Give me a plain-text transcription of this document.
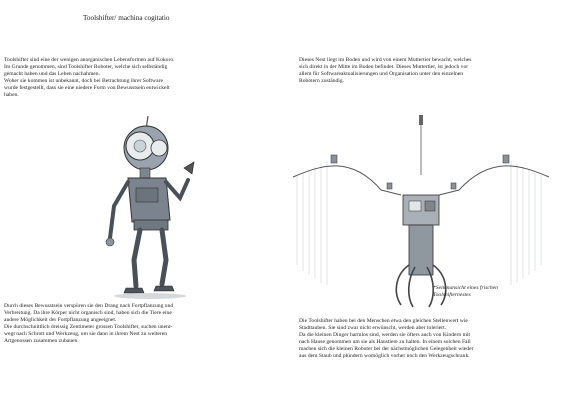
Toolshifter/ machina cogitatio
Toolshifter sind eine der wenigen anorganischen Lebensformen auf Kokoro.
Im Grunde genommen, sind Toolshifter Roboter, welche sich selbständig
gemacht haben und das Leben nachahmen.
Woher sie kommen ist unbekannt, doch bei Betrachtung ihrer Software
wurde festgestellt, dass sie eine niedere Form von Bewusstsein entwickelt
haben.
Durch dieses Bewusstsein verspüren sie den Drang nach Fortpflanzung und
Verbreitung. Da ihre Körper nicht organisch sind, haben sich die Tiere eine
andere Möglichkeit der Fortpflanzung angeeignet.
Die durchschnittlich dreissig Zentimeter grossen Toolshifter, suchen unent-
wegt nach Schrott und Werkzeug, um sie dann in ihrem Nest zu weiteren
Artgenossen zusammen zubauen.
Dieses Nest liegt im Boden und wird von einem Muttertier bewacht, welches
sich direkt in der Mitte im Boden befindet. Dieses Muttertier, ist jedoch vor
allem für Softwareaktualisierungen und Organisation unter den einzelnen
Robotern zuständig.
*Seitenansicht eines frischen
Toolshifternestes
Die Toolshifter haben bei den Menschen etwa den gleichen Stellenwert wie
Stadttauben. Sie sind zwar nicht erwünscht, werden aber toleriert.
Da die kleinen Dinger harmlos sind, werden sie öfters auch von Kindern mit
nach Hause genommen um sie als Haustiere zu halten. In einem solchen Fall
machen sich die kleinen Roboter bei der nächstmöglichen Gelegenheit wieder
aus dem Staub und plündern womöglich vorher noch den Werkzeugschrank.
